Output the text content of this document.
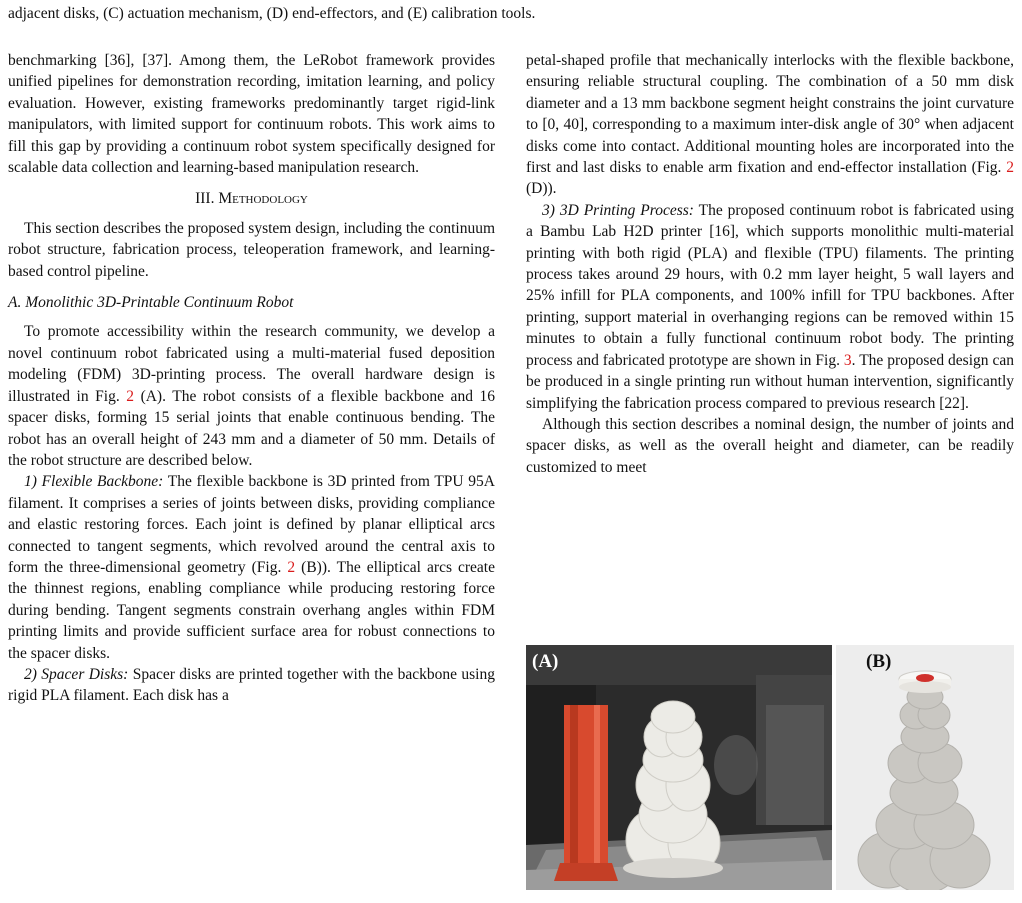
adjacent disks, (C) actuation mechanism, (D) end-effectors, and (E) calibration tools.

benchmarking [36], [37]. Among them, the LeRobot framework provides unified pipelines for demonstration recording, imitation learning, and policy evaluation. However, existing frameworks predominantly target rigid-link manipulators, with limited support for continuum robots. This work aims to fill this gap by providing a continuum robot system specifically designed for scalable data collection and learning-based manipulation research.

III. Methodology

This section describes the proposed system design, including the continuum robot structure, fabrication process, teleoperation framework, and learning-based control pipeline.

A. Monolithic 3D-Printable Continuum Robot

To promote accessibility within the research community, we develop a novel continuum robot fabricated using a multi-material fused deposition modeling (FDM) 3D-printing process. The overall hardware design is illustrated in Fig. 2 (A). The robot consists of a flexible backbone and 16 spacer disks, forming 15 serial joints that enable continuous bending. The robot has an overall height of 243 mm and a diameter of 50 mm. Details of the robot structure are described below.

1) Flexible Backbone: The flexible backbone is 3D printed from TPU 95A filament. It comprises a series of joints between disks, providing compliance and elastic restoring forces. Each joint is defined by planar elliptical arcs connected to tangent segments, which revolved around the central axis to form the three-dimensional geometry (Fig. 2 (B)). The elliptical arcs create the thinnest regions, enabling compliance while producing restoring force during bending. Tangent segments constrain overhang angles within FDM printing limits and provide sufficient surface area for robust connections to the spacer disks.

2) Spacer Disks: Spacer disks are printed together with the backbone using rigid PLA filament. Each disk has a

petal-shaped profile that mechanically interlocks with the flexible backbone, ensuring reliable structural coupling. The combination of a 50 mm disk diameter and a 13 mm backbone segment height constrains the joint curvature to [0, 40], corresponding to a maximum inter-disk angle of 30° when adjacent disks come into contact. Additional mounting holes are incorporated into the first and last disks to enable arm fixation and end-effector installation (Fig. 2 (D)).

3) 3D Printing Process: The proposed continuum robot is fabricated using a Bambu Lab H2D printer [16], which supports monolithic multi-material printing with both rigid (PLA) and flexible (TPU) filaments. The printing process takes around 29 hours, with 0.2 mm layer height, 5 wall layers and 25% infill for PLA components, and 100% infill for TPU backbones. After printing, support material in overhanging regions can be removed within 15 minutes to obtain a fully functional continuum robot body. The printing process and fabricated prototype are shown in Fig. 3. The proposed design can be produced in a single printing run without human intervention, significantly simplifying the fabrication process compared to previous research [22].

Although this section describes a nominal design, the number of joints and spacer disks, as well as the overall height and diameter, can be readily customized to meet

(A)	(B)
